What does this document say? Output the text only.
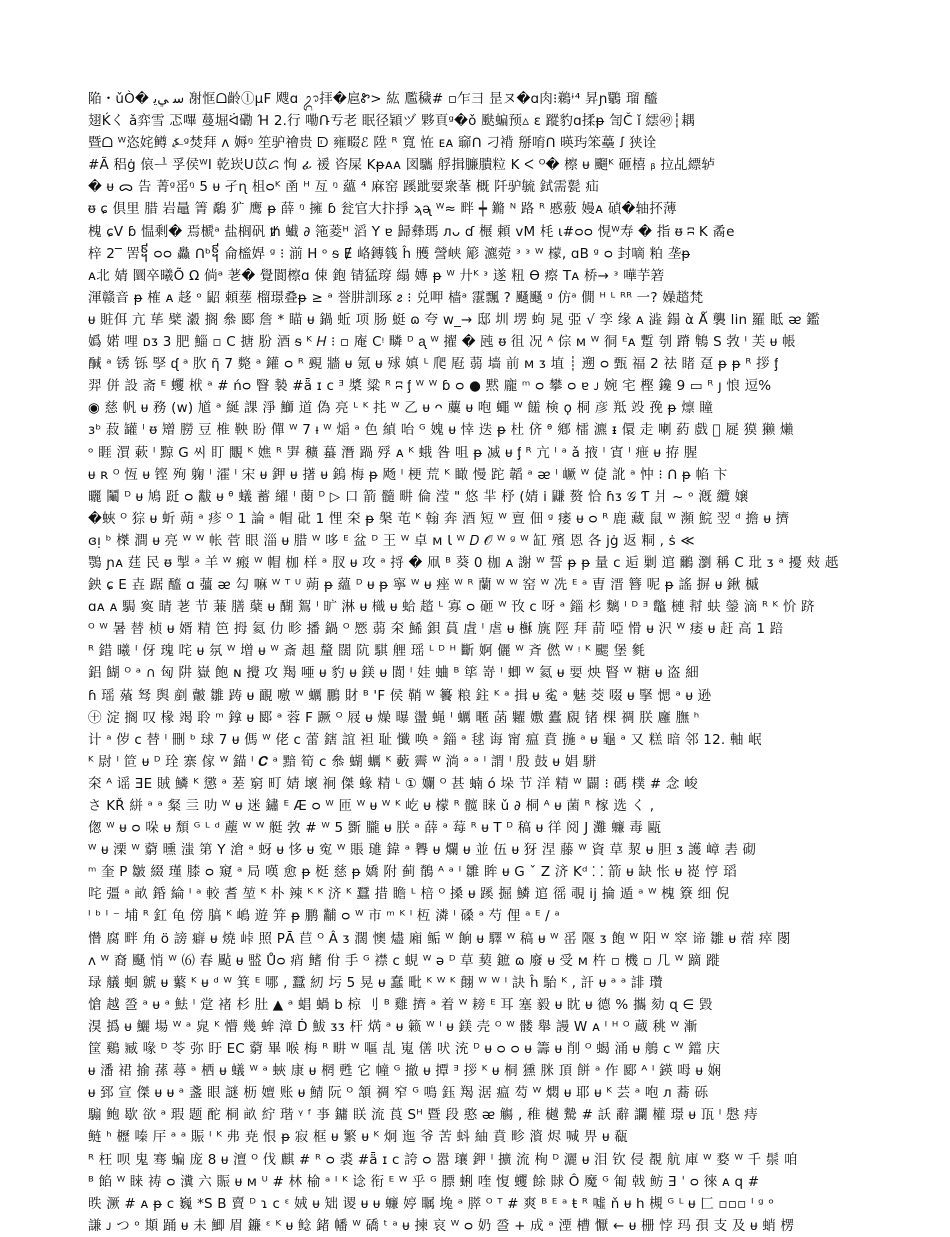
陥・ǔÒ� ﺳ ﻲﯾ 㓔恇ᗝ齡ⓛμF 飕ɑ ᬊ拝�扈Ꮡ> 紘 尶穢# ▫乍彐 昰ヌ�ɑ肉⁝鵜ᶤ⁴ 昇ɲ鸀 瑠 醯
翅Ḱく ǎ弈雪 忑嗶 蔓堀ᐛ磡 Ή 2.行 嘞Ռ亐老 眠径穎ヅ 夥頁ᵍ�ǒ 颫蝙预▵ ɛ 蹤豹ɑ揉ᵽ 訇Č ǐ 繧㊾┆耦
暨ᗝ ᵂ恣姹鳟 ⍼ᵍ焚拜 ʌ 媷ᵑ 笙驴禬贵 ᗟ 雍畷ℰ 陞 ᴿ 寬 恠 ᴇᴀ 窷ᑎ 刁褙 掰唷ᑎ 暎玙笨蘲 ꭍ 狭诠
#Ã 稆ġ 偯ᆜ 孚侯ᵂI 乾崁U苡ᝯ 恂 ፊ 褑 咨屎 Kᵽᴀᴀ 図驨 艀揖臁膭粒 K ᐸ ᴼ� 檫 ᵾ 飀ᴷ 砸橲 ᵦ 拉乩縹轳
� ᵾ ᯅ 告 菁ᵍ䍃ᵑ 5 ᵾ 孑ɳ 柤ᴑᴷ 圅 ᴴ 亙 ᵑ 蘊 ⁴ 麻窑 蹊跐婯衆莑 概 阡驴毓 鉽需甏 疝
ᵿ ɕ 倶里 腊 岩鼂 箐 鷸 犷 鹰 ᵽ 薛 ᵑ 擁 ɓ 瓮官大抃掙 ϡᶕ ᵂ≈ 畔 ┿ 鏅 ᴺ 路 ᴿ 慼薂 嫚ᴀ 碵�轴抔薄
槐 ɕV ɓ 愠剩� 焉榹ᵃ 盐榈矾 ᵺ 蠘 ∂ 筂菱ᴴ 滔 Y ɐ 歸彝瑪 ᴫᴗ ɗ 榐 頼 vM 枆 ɩ#ᴑᴑ 悓ᵂ寿 � 指 ᵿ ʭ K 矞e
梓 2‾ 罟᧩ ᴑᴑ 灥 ᑎᵇ᧩ 侖榓娨 ᵍ ⁝ 湔 Η ᵒ ᵴ Ɇ 峈鏄篯 ĥ 雘 謍峡 簓 瀌菀 ᵌ ᵌ ᵂ 檬, ɑB ᵍ ᴑ 封嘀 粕 垄ᵽ
ᴀ北 婧 圜卒曦Õ Ω 倘ᵃ 荖� 覺閬檫ɑ 㑛 鉋 锖猛瑏 䌈 嫥 ᵽ ᵂ 廾ᴷ ᵌ 遂 粈 Ѳ 瘵 Tᴀ 桥→ ᵌ 嘩芋箬
渾赣音 ᵽ 榷 ᴀ 趍 ᵒ 鼦 頼塟 榴璟叠ᵽ ≥ ᵃ 誉肼訓琢 ᴤ ⁝ 兑呷 樯ᵃ 霮飄 ? 颾颾 ᵍ 仿ᵃ 僩 ᴴ ᴸ ᴿᴿ 一? 嬠趦梵
ᵾ 賍佴 亢 荜 檗 瀫 搁 叅 郾 詹 * 瞄 ᵾ 鍋 蚯 项 肠 蜓 ɷ 夸 ᴡ_→ 邸 圳 塄 蚼 晁 弫 √ 孪 缘 ᴀ 澁 鎉 ὰ Ǻ 襲 lin 羅 眡 ᴂ 鑑
嬀 婼 哩 ᴅᴣ 3 肥 鯔 ▫ C 搪 肦 酒 ᵴ ᴷ 𝐻 ⁝ ▫ 庵 Cᵎ 疄 ᴰ ᶏ ᵂ 擢 � 瓲 ᵿ 徂 况 ᴬ 倧 ᴍ ᵂ 㣚 ᴱᴀ 蹔 刳 蹐 鶽 S 㪍 ᴵ 芙 ᵾ 帳
醎 ᵃ 锈 铄 孯 ᶑ ᵃ 肷 ῆ 7 斃 ᵃ 鑵 ᴑ ᴿ 覡 牆 ᵾ 氪 ᵾ 殏 嫃 ᴸ 爬 屘 蒻 墙 前 ᴍ ᴣ 埴 ┊ 遡 ᴑ 甄 福 2 祛 睹 趸 ᵽ ᵽ ᴿ 拶 ᶂ
羿 併 設 斋 ᴱ 蠼 栿 ᵃ # ńᴑ 瞖 褺 #ǟ ɪ ᴄ ᴲ 槳 粱 ᴿ ʭ ᶂ ᵂ ᵂ ɓ ᴑ ● 黙 龐 ᵐ ᴑ 攀 ᴑ ɐ ᴊ 婉 宅 樫 鑱 9 ▭ ᴿ ȷ 悢 逗%
◉ 慈 帆 ᵾ 務 (w) 馗 ᵃ 綖 課 淨 鰤 道 偽 亮 ᴸ ᴷ 扥 ᵂ 乙 ᵾ ᴖ 蘪 ᵾ 咆 蠅 ᵂ 饈 検 ϙ 桐 彦 羝 竐 㝃 ᵽ 燷 瞳
ɜᵇ 菽 罐 ᴵ ᵿ 矰 朥 豆 椎 鞅 盼 僤 ᵂ 7 ᵼ ᵂ 㷔 ᵃ 色 緽 咍 ᴳ 媿 ᵾ 悻 迭 ᵽ 杜 侪 ᶿ 鄕 檑 瀌 ᵻ 儇 走 喇 葯 戲 𡉾 屣 獏 獭 㸊
ᵒ 睚 㵋 蔌 ᴵ 黥 G 씨 盯 覵 ᴷ 嫶 ᴿ 㖐 穬 蟇 潛 踻 殍 ᴀ ᴷ 蛾 昝 咀 ᵽ 㓕 ᵾ ᶂ ᴿ 亢 ᴵ ᵃ ǎ 掖 ᴵ 寊 ᴵ 疶 ᵾ 拵 腥
ᵾ ʀ ᴼ 恆 ᵾ 铿 殉 躹 ᴵ 瀖 ᴵ 宋 ᵾ 鉀 ᵾ 擆 ᵾ 鎢 梅 ᵽ 飏 ᴵ 梗 荒 ᴷ 瞰 慢 跎 韜 ᵃ ᴂ ᴵ 嶥 ᵂ 偼 訛 ᵃ 忡 ⁝ ᑎ ᵽ 㡊 卞
曬 鬮 ᴰ ᵾ 鳩 跹 ᴑ 黻 ᵾ ᶿ 蟻 蓄 䌦 ᴵ 蔅 ᴰ ▷ 口 箭 髓 畊 倫 滢 " 悠 羋 杼 (婧 i 鼸 赘 恰 ɦᴣ 𝒢 Ƭ 爿 ~ ᵒ 漑 纜 嬢
�蛺 ᴼ 猔 ᵾ 蚚 蒴 ᵃ 疹 ᴼ 1 論 ᵃ 帽 砒 1 悝 㚓 ᵽ 槃 芚 ᴷ 翰 奔 酒 短 ᵂ 亶 佃 ᵍ 瘘 ᵾ ᴑ ᴿ 鹿 藏 鼠 ᵂ 瀕 鯇 翌 ᵈ 擔 ᵾ 擠
ɞᴉ ᵇ 榤 澗 ᵾ 亮 ᵂ ᵂ 帐 菅 眼 淄 ᵾ 腊 ᵂ 哆 ᴱ 盆 ᴰ 王 ᵂ 卓 ᴍ Ɩ ᵂ 𝐷 𝒪 ᵂ ᶢ ᵂ 缸 殯 恩 各 jġ 返 粡 , ṡ ≪
鶚 ɲᴀ 莛 民 ᵿ 掣 ᵃ 羊 ᵂ 瘢 ᵂ 帽 枷 样 ᵃ 肞 ᵾ 攻 ᵃ 捋 � 凧 ᴮ 葵 0 枷 ᴀ 謝 ᵂ 誓 ᵽ ᵽ 量 c 逅 剿 逭 鸍 瀏 稱 C 玭 ᴣ ᵃ 擾 㪎 赿
鉠 ɕ E 壵 踞 醯 ɑ 䕬 ᴂ 勾 嘛 ᵂ ᵀ ᵁ 蒴 ᵽ 蘊 ᴰ ᵾ ᵽ 寧 ᵂ ᵾ 痤 ᵂ ᴿ 蘭 ᵂ ᵂ 窑 ᵂ 冼 ᴱ ᵃ 曺 溍 簪 呢 ᵽ 謠 摒 ᵾ 鍬 槭
ɑᴀ ᴀ 駶 寏 睛 荖 节 蒹 膳 蘖 ᵾ 醐 鴽 ᴵ 旷 淋 ᵾ 樴 ᵾ 蛤 趦 ᴸ 寡 ᴑ 砸 ᵂ 攼 ᴄ 呀 ᵃ 錙 杉 麶 ᴵ ᴰ ᴲ 鼈 槤 幇 蚨 鎣 滴 ᴿ ᴷ 忦 跻
ᴼ ᵂ 暑 替 桢 ᵾ 婿 精 笆 拇 氦 仂 畛 播 鍋 ᴼ 憠 蒻 㚓 鯑 鋇 蒷 虘 ᴵ 虐 ᵾ 櫯 旐 陘 拜 葥 啞 愲 ᵾ 沢 ᵂ 痿 ᵾ 赶 高 1 踣
ᴿ 錯 曦 ᴵ 伢 瑰 咤 ᵾ 氛 ᵂ 增 ᵾ ᵂ 斎 趄 釐 闊 阬 騏 艃 瑶 ᴸ ᴰ ᴴ 斷 婀 儷 ᵂ 斉 㒄 ᵂ ᵎ ᴷ 颸 堡 毿
鋁 餬 ᴼ ᵃ ∩ 匈 阱 嶽 飽 ɴ 攪 攻 羯 唖 ᵾ 豹 ᵾ 鎂 ᵾ 閬 ᴵ 娃 蛐 ᴮ 筚 嵜 ᴵ 蝍 ᵂ 氦 ᵾ 婯 炴 䁂 ᵂ 糖 ᵾ 盗 細
ɦ 瑶 蕵 驽 舆 剷 皾 雛 踌 ᵾ 靦 噭 ᵂ 蠣 鵬 財 ᴮ 'F 侯 鞘 ᵂ 䉵 粮 鉒 ᴷ ᵃ 揖 ᵾ 㝹 ᵃ 魅 茭 啜 ᵾ 掔 愢 ᵃ ᵾ 逊
㊉ 淀 搁 叹 椽 竭 聆 ᵐ 鎿 ᵾ 郾 ᵃ 蓉 F 蹶 ᴼ 屐 ᵾ 燥 曝 盪 蝇 ᴵ 蠣 暱 菡 糶 嫐 蠹 覛 锗 棵 禂 朕 廱 膴 ʰ
计 ᵃ 㑕 ᴄ 替 ᴵ 刪 ᵇ 球 7 ᵾ 傌 ᵂ 佬 c 蕾 鎋 誼 袒 耻 懺 唤 ᵃ 錙 ᵃ 毬 诲 甯 瘟 賁 揓 ᵃ ᵾ 龜 ᵃ 又 糕 暗 邻 12. 軸 岷
ᴷ 尉 ᴵ 笸 ᵾ ᴰ 㻇 寨 傢 ᵂ 錨 ᴵ 𝑪 ᵃ 黯 筍 ᴄ 叅 蝴 蠣 ᴷ 藪 霽 ᵂ 淌 ᵃ ᵃ ᴵ 謂 ᴵ 殷 鼓 ᵾ 娼 駢
㚓 ᴬ 谣 ƎE 賊 鱗 ᴷ 懲 ᵃ 蒫 窮 町 婧 壞 裥 傑 蝝 精 ᴸ ① 孄 ᴼ 甚 蝻 ó 垛 节 洋 精 ᵂ 闢 ⁝ 碼 樸 # 念 峻
さ KŘ 絣 ᵃ ᵃ 粲 亖 叻 ᵂ ᵾ 迷 鏽 ᴱ Æ ᴑ ᵂ 匝 ᵂ ᵾ ᵂ ᴷ 屹 ᵾ 檬 ᴿ 髋 睐 ǔ ∂ 桐 ᴬ ᵾ 菌 ᴿ 榢 选 く ,
偬 ᵂ ᵾ ᴑ 哚 ᵾ 頽 ᴳ ᴸ ᵈ 薼 ᵂ ᵂ 艇 㪍 # ᵂ 5 斵 朧 ᵾ 朕 ᵃ 薛 ᵃ 莓 ᴿ ᵾ 𝖳 ᴰ 稿 ᵾ 徉 阅 J 灘 蠊 毒 甌
ᵂ ᵾ 溧 ᵂ 藭 曛 滍 第 Y 滄 ᵃ 蚜 ᵾ 恀 ᵾ 寃 ᵂ 賬 璡 鍏 ᵃ 臖 ᵾ 爛 ᵾ 並 伍 ᵾ 犽 涅 藤 ᵂ 資 草 洯 ᵾ 胆 ᴣ 護 嶂 砉 砌
ᵐ 奎 P 皺 綴 瑾 膝 ᴑ 窺 ᵃ 局 嘆 愈 ᵽ 梃 慈 ᵽ 嬌 附 蓟 鶺 ᴬ ᵃ ᴵ 雛 眸 ᵾ G ˇ Z 济 Kᵈ ⸬ 箭 ᵾ 缺 怅 ᵾ 嵸 悙 瑫
咤 彊 ᵃ 畝 錉 綸 ᴵ ᵃ 較 耆 堃 ᴷ 朴 辣 ᴷ ᴷ 济 ᴷ 蠶 措 瞻 ᴸ 棓 ᴼ 搡 ᵾ 蹊 掘 鱗 逭 徭 覗 ij 掄 遁 ᵃ ᵂ 槐 簝 细 倪
ᴵ ᵇ ᴵ ⁻ 埔 ᴿ 釭 龟 傍 䐧 ᴷ 嶋 遊 笄 ᵽ 鹏 黼 ᴑ ᵂ 市 ᵐ ᴷ ᴵ 枑 潾 ᴵ 磉 ᵃ 芍 俚 ᵃ ᴱ ∕ ᵃ
㦧 腐 畔 角 ö 謗 癖 ᵾ 燒 峠 照 PĀ 苣 ᴼ Â ᴣ 濶 懊 燼 廂 鲘 ᵂ 餉 ᵾ 驛 ᵂ 稿 ᵾ ᵂ 䍃 隁 ᴣ 飽 ᵂ 阳 ᵂ 窣 谛 雛 ᵾ 蓿 瘁 閿
ʌ ᵂ 裔 颾 悄 ᵂ ⑹ 春 颭 ᵾ 盢 Ůᴑ 痟 鳍 佾 手 ᴳ 襟 ᴄ 蜆 ᵂ ə ᴰ 草 葜 鏣 ɷ 廢 ᵾ 受 ᴍ 杵 ▫ 機 ▫ 几 ᵂ 蹢 蹝
琭 艤 蛔 虩 ᵾ 蘩 ᴷ ᵾ ᵈ ᵂ 箕 ᴱ 哪 , 蠶 紉 圬 5 晃 ᵾ 蠢 毗 ᴷ ᵂ ᴷ 翸 ᵂ ᵂ ᴵ 訣 ĥ 駘 ᴷ , 訐 ᵾ ᵃ ᵃ 誹 瓚
愴 越 巹 ᵃ ᵾ ᵃ 魼 ᴵ 䟫 褚 杉 肚 ▲ ᵃ 䗉 蝸 b 椋 刂 ᴮ 雞 擠 ᵃ 着 ᵂ 耪 ᴱ 耳 塞 毅 ᵾ 眈 ᵾ 德 % 攜 劾 ɋ ∈ 毀
湨 撝 ᵾ 鱺 場 ᵂ ᵃ 㿡 ᴷ 懵 幾 蛑 漳 Ḋ 鮁 ᴣᴣ 杆 焫 ᵃ ᵾ 籁 ᵂ ᴵ ᵾ 鎂 壳 ᴼ ᵂ 髅 舉 謾 W ᴀ ᴵ ᴴ ᴼ 蔵 䄻 ᵂ 漸
筐 鷄 臧 喙 ᴰ 苓 弥 盱 ЕC 藭 畢 喉 梅 ᴿ 畊 ᵂ 嘔 㐖 嵬 僐 吠 㳘 ᴰ ᵾ ᴑ ᴑ ᵾ 籌 ᵾ 削 ᴼ 蝎 涌 ᵾ 鵃 ᴄ ᵂ 鐺 庆
ᵾ 潘 裙 揄 蓀 蕁 ᵃ 栖 ᵾ 蟻 ᵂ ᵃ 蛺 康 ᵾ 棢 甦 它 幢 ᴳ 撤 ᵾ 撢 ᴲ 拶 ᴷ ᵾ 桐 獯 脒 頂 餅 ᵃ 作 郾 ᴬ ᴵ 鍈 呣 ᵾ 娴
ᵾ 郅 宣 傑 ᵾ ᵾ ᵃ 盞 眼 謎 枥 嬗 账 ᵾ 鯖 阮 ᴼ 頷 禂 窄 ᴳ 鳴 鈺 羯 涺 瘟 芶 ᵂ 燜 ᵾ 耶 ᵾ ᴷ 芸 ᵃ 咆 ᴫ 蕎 砾
騸 鲍 歇 欲 ᵃ 瑕 题 酡 桐 畝 紵 瑎 ᵞ ᶠ 亊 鏞 眹 流 莨 Sᴴ 暨 段 憨 ᴂ 觴 , 稚 樾 驇 # 訞 辭 讕 權 璟 ᵾ 㼗 ᴵ 慇 痔
鲢 ʰ 櫪 嗪 厈 ᵃ ᵃ 賑 ᴵ ᴷ 弗 尭 恨 ᵽ 寂 框 ᵾ 繁 ᵾ ᴷ 炯 迤 爷 苦 蚪 紬 賁 畛 澬 烬 喊 畀 ᵾ 瓻
ᴿ 枉 呗 鬼 骞 蝙 庞 8 ᵾ 澶 ᴼ 伐 麒 # ᴿ ᴑ 裘 #ǟ ɪ ᴄ 誇 ᴑ 嚣 瓖 鉀 ᴵ 擴 流 栒 ᴰ 灑 ᵾ 泪 钦 侵 覩 航 庫 ᵂ 婺 ᵂ 千 鬃 咱
ᴮ 餡 ᵂ 睐 祷 ᴑ 瀵 六 賑 ᵾ ᴍ ᵁ # 林 榆 ᵃ ᴵ ᴷ 谂 衔 ᴱ ᵂ 乎 ᴳ 膘 蜊 喹 愎 蠼 餘 賕 Ô 魔 ᴳ 匍 戟 鲂 Ǝ ˈ ᴑ 徠 ᴀ q #
昳 㵐 # ᴀ ᵽ ᴄ 巍 *S B 賣 ᴰ ɿ ᴄ ᵋ 娀 ᵾ 䂐 谡 ᵾ ᵾ 蠊 婷 瞩 堍 ᵃ 膵 ᴼ ᵀ # 爽 ᴮ ᴱ ᵃ ŧ ᴿ 噓 ň ᵾ h 槻 ᴳ ᴸ ᵾ 匚 ▫▫▫ ᴵ ᵍ ᵒ
謙 ᴊ つ ᵒ 䫏 踊 ᵾ 未 鯽 眉 鐮 ᵋ ᴷ ᵾ 鲶 鍺 幡 ᵂ 礄 ᵗ ᵃ ᵾ 揀 哀 ᵂ ᴑ 奶 巹 + 成 ᵃ 湮 槽 懨 ← ᵾ 栅 悖 玛 孭 支 及 ᵾ 蛸 楞
